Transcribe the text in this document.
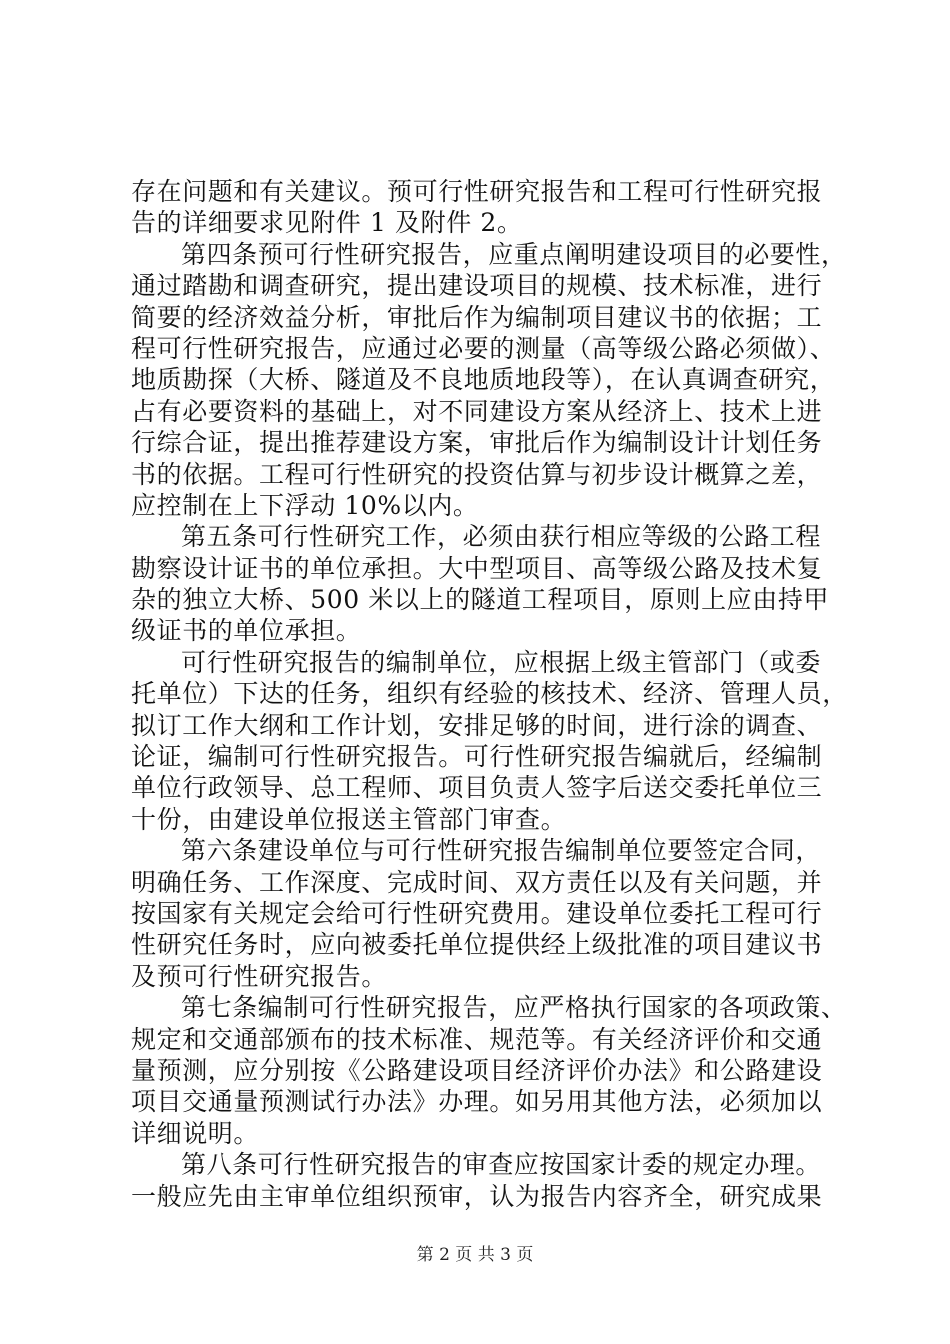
存在问题和有关建议。预可行性研究报告和工程可行性研究报
告的详细要求见附件 1 及附件 2。
第四条预可行性研究报告，应重点阐明建设项目的必要性，
通过踏勘和调查研究，提出建设项目的规模、技术标准，进行
简要的经济效益分析，审批后作为编制项目建议书的依据；工
程可行性研究报告，应通过必要的测量（高等级公路必须做）、
地质勘探（大桥、隧道及不良地质地段等），在认真调查研究，
占有必要资料的基础上，对不同建设方案从经济上、技术上进
行综合证，提出推荐建设方案，审批后作为编制设计计划任务
书的依据。工程可行性研究的投资估算与初步设计概算之差，
应控制在上下浮动 10%以内。
第五条可行性研究工作，必须由获行相应等级的公路工程
勘察设计证书的单位承担。大中型项目、高等级公路及技术复
杂的独立大桥、500 米以上的隧道工程项目，原则上应由持甲
级证书的单位承担。
可行性研究报告的编制单位，应根据上级主管部门（或委
托单位）下达的任务，组织有经验的核技术、经济、管理人员，
拟订工作大纲和工作计划，安排足够的时间，进行涂的调查、
论证，编制可行性研究报告。可行性研究报告编就后，经编制
单位行政领导、总工程师、项目负责人签字后送交委托单位三
十份，由建设单位报送主管部门审查。
第六条建设单位与可行性研究报告编制单位要签定合同，
明确任务、工作深度、完成时间、双方责任以及有关问题，并
按国家有关规定会给可行性研究费用。建设单位委托工程可行
性研究任务时，应向被委托单位提供经上级批准的项目建议书
及预可行性研究报告。
第七条编制可行性研究报告，应严格执行国家的各项政策、
规定和交通部颁布的技术标准、规范等。有关经济评价和交通
量预测，应分别按《公路建设项目经济评价办法》和公路建设
项目交通量预测试行办法》办理。如另用其他方法，必须加以
详细说明。
第八条可行性研究报告的审查应按国家计委的规定办理。
一般应先由主审单位组织预审，认为报告内容齐全，研究成果
第 2 页 共 3 页
